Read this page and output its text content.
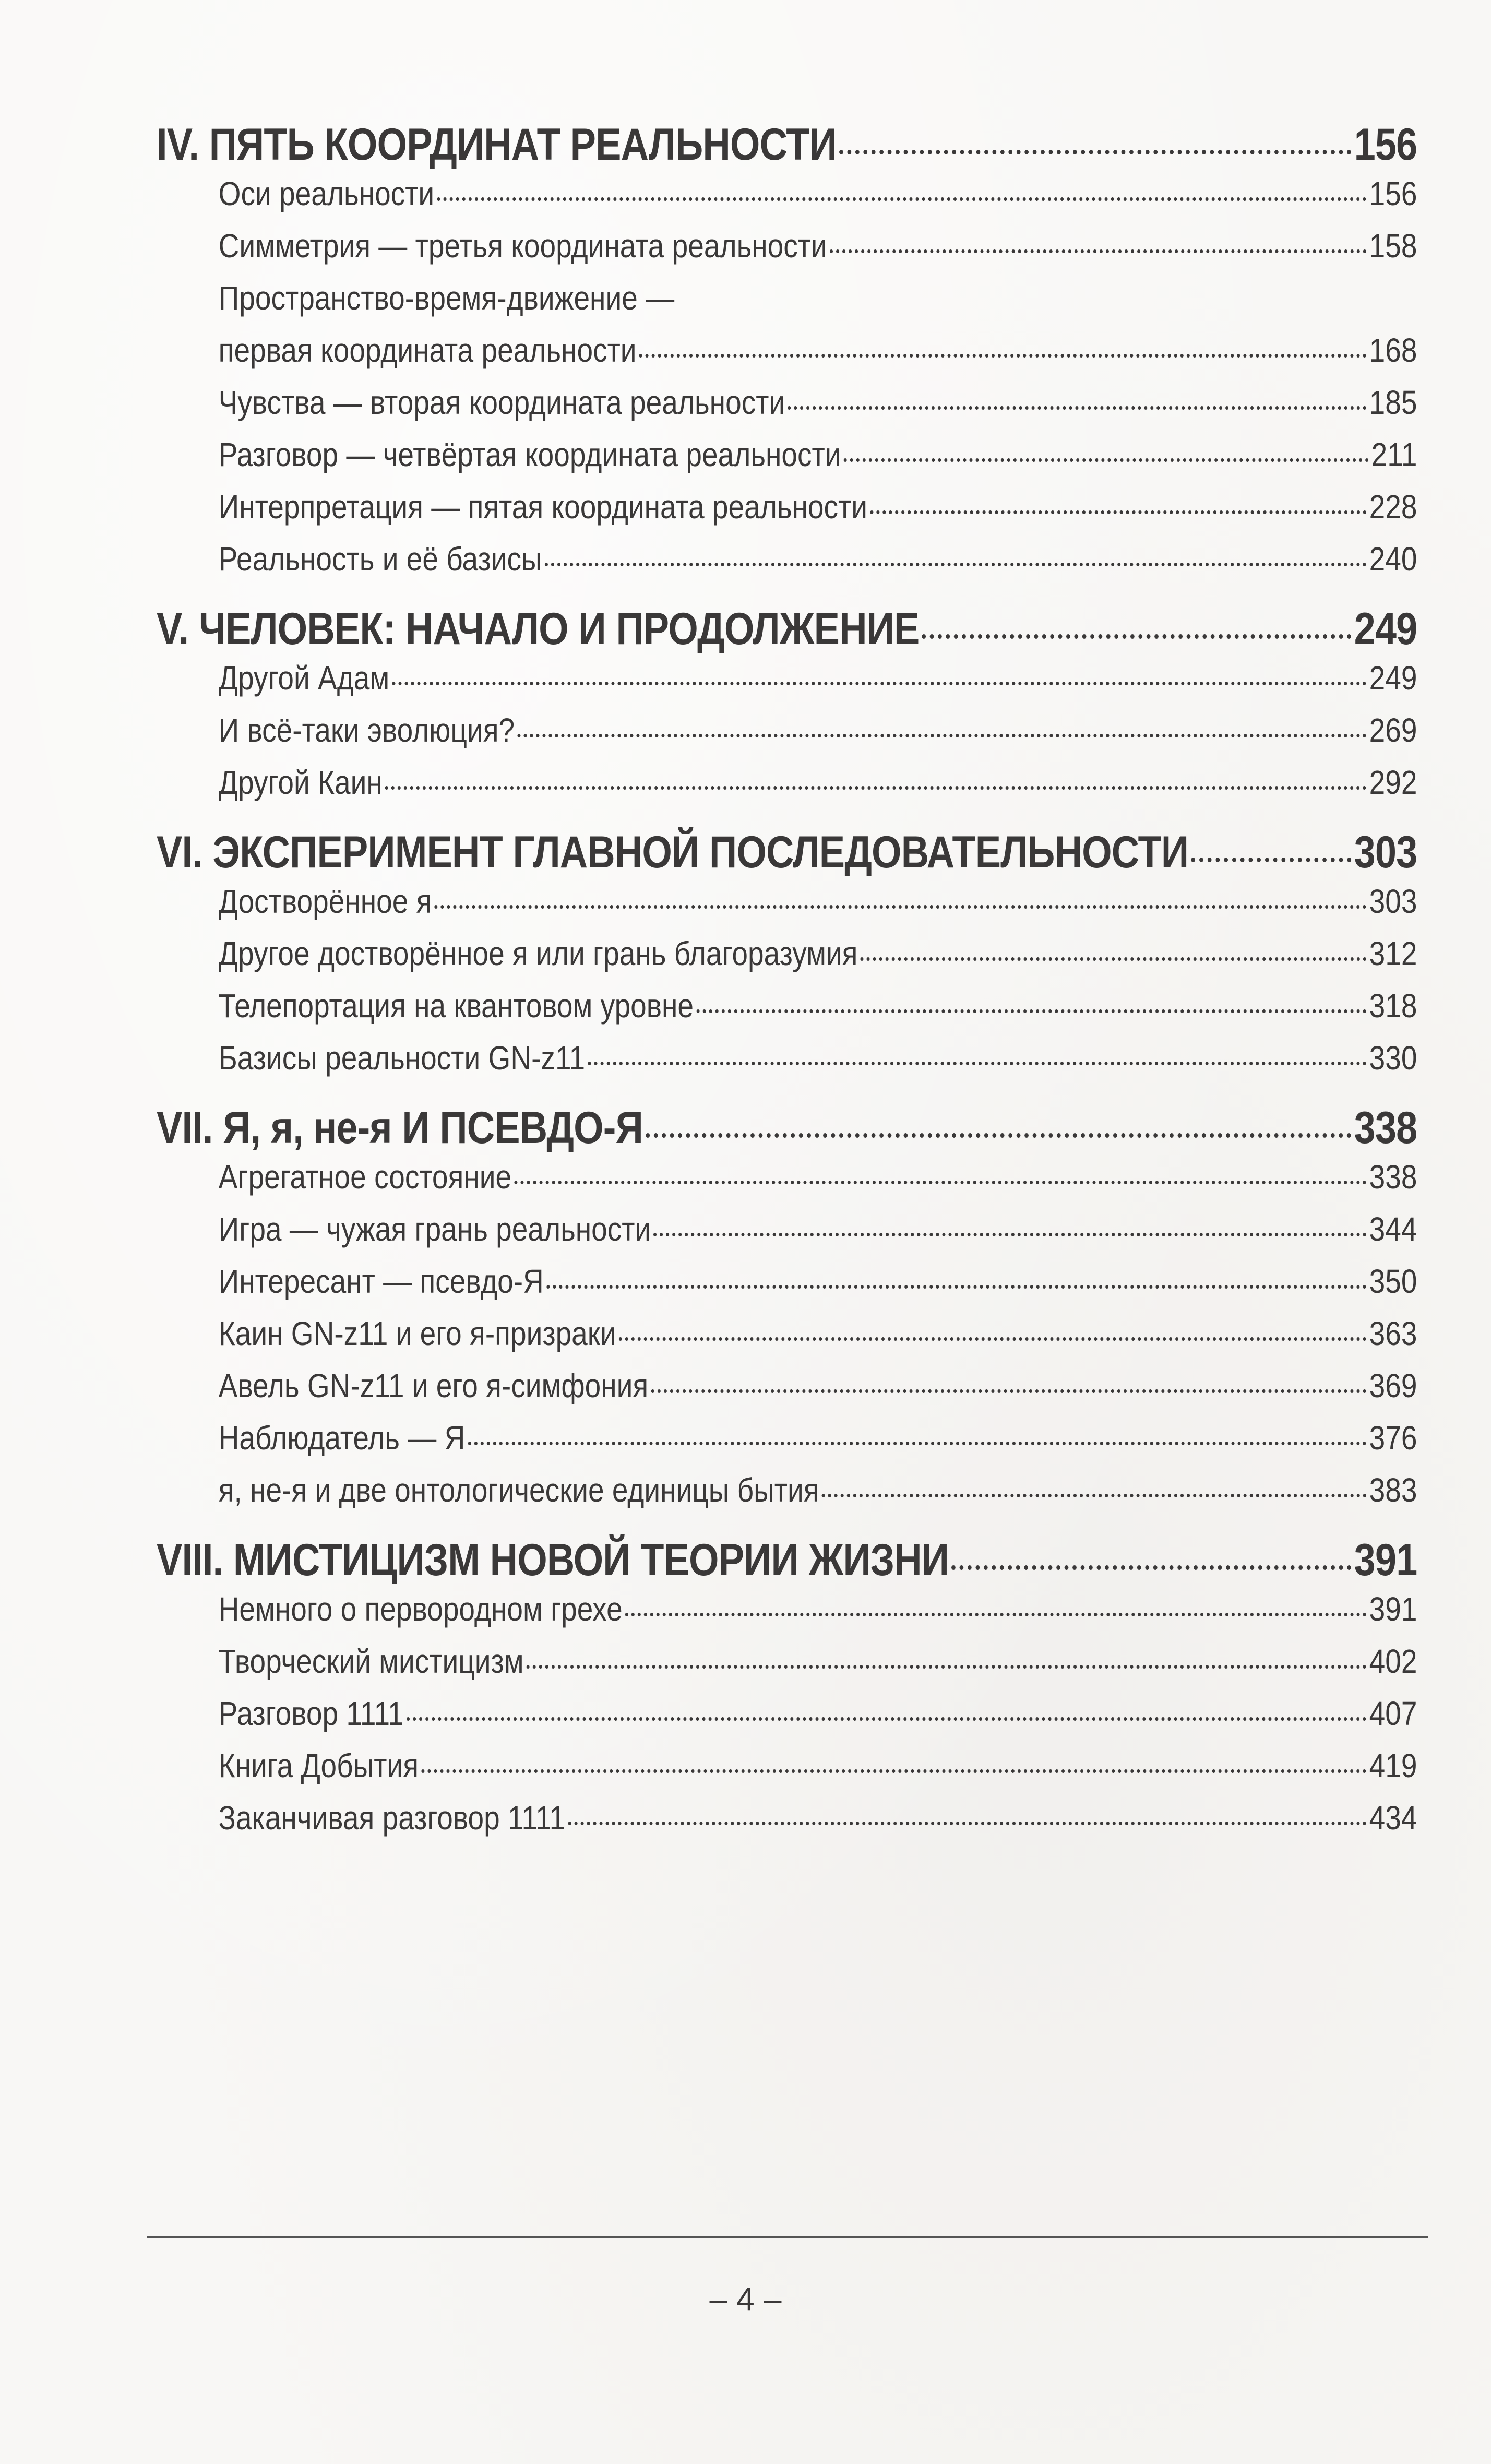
IV. ПЯТЬ КООРДИНАТ РЕАЛЬНОСТИ	156
Оси реальности	156
Симметрия — третья координата реальности	158
Пространство-время-движение —
первая координата реальности	168
Чувства — вторая координата реальности	185
Разговор — четвёртая координата реальности	211
Интерпретация — пятая координата реальности	228
Реальность и её базисы	240
V. ЧЕЛОВЕК: НАЧАЛО И ПРОДОЛЖЕНИЕ	249
Другой Адам	249
И всё-таки эволюция?	269
Другой Каин	292
VI. ЭКСПЕРИМЕНТ ГЛАВНОЙ ПОСЛЕДОВАТЕЛЬНОСТИ	303
Достворённое я	303
Другое достворённое я или грань благоразумия	312
Телепортация на квантовом уровне	318
Базисы реальности GN-z11	330
VII. Я, я, не-я И ПСЕВДО-Я	338
Агрегатное состояние	338
Игра — чужая грань реальности	344
Интересант — псевдо-Я	350
Каин GN-z11 и его я-призраки	363
Авель GN-z11 и его я-симфония	369
Наблюдатель — Я	376
я, не-я и две онтологические единицы бытия	383
VIII. МИСТИЦИЗМ НОВОЙ ТЕОРИИ ЖИЗНИ	391
Немного о первородном грехе	391
Творческий мистицизм	402
Разговор 1111	407
Книга Добытия	419
Заканчивая разговор 1111	434
– 4 –
